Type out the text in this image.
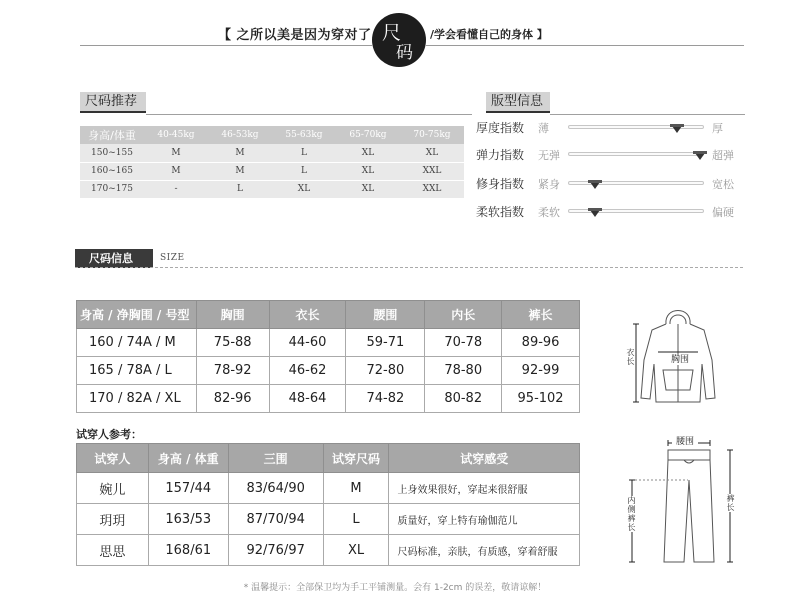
【 之所以美是因为穿对了 尺
码
/学会看懂自己的身体 】
尺码推荐
身高/体重	40-45kg	46-53kg	55-63kg	65-70kg	70-75kg
150~155	M	M	L	XL	XL
160~165	M	M	L	XL	XXL
170~175	-	L	XL	XL	XXL
版型信息
厚度指数 薄	厚
弹力指数 无弹	超弹
修身指数 紧身	宽松
柔软指数 柔软	偏硬
尺码信息	SIZE
身高 / 净胸围 / 号型	胸围	衣长	腰围	内长	裤长
160 / 74A / M	75-88	44-60	59-71	70-78	89-96
165 / 78A / L	78-92	46-62	72-80	78-80	92-99
170 / 82A / XL	82-96	48-64	74-82	80-82	95-102
试穿人参考：
试穿人	身高 / 体重	三围	试穿尺码	试穿感受
婉儿	157/44	83/64/90	M	上身效果很好，穿起来很舒服
玥玥	163/53	87/70/94	L	质量好，穿上特有瑜伽范儿
思思	168/61	92/76/97	XL	尺码标准，亲肤，有质感，穿着舒服
胸围
衣长
腰围
内侧裤长
裤长
* 温馨提示：全部保卫均为手工平铺测量。会有 1-2cm 的误差，敬请谅解！
